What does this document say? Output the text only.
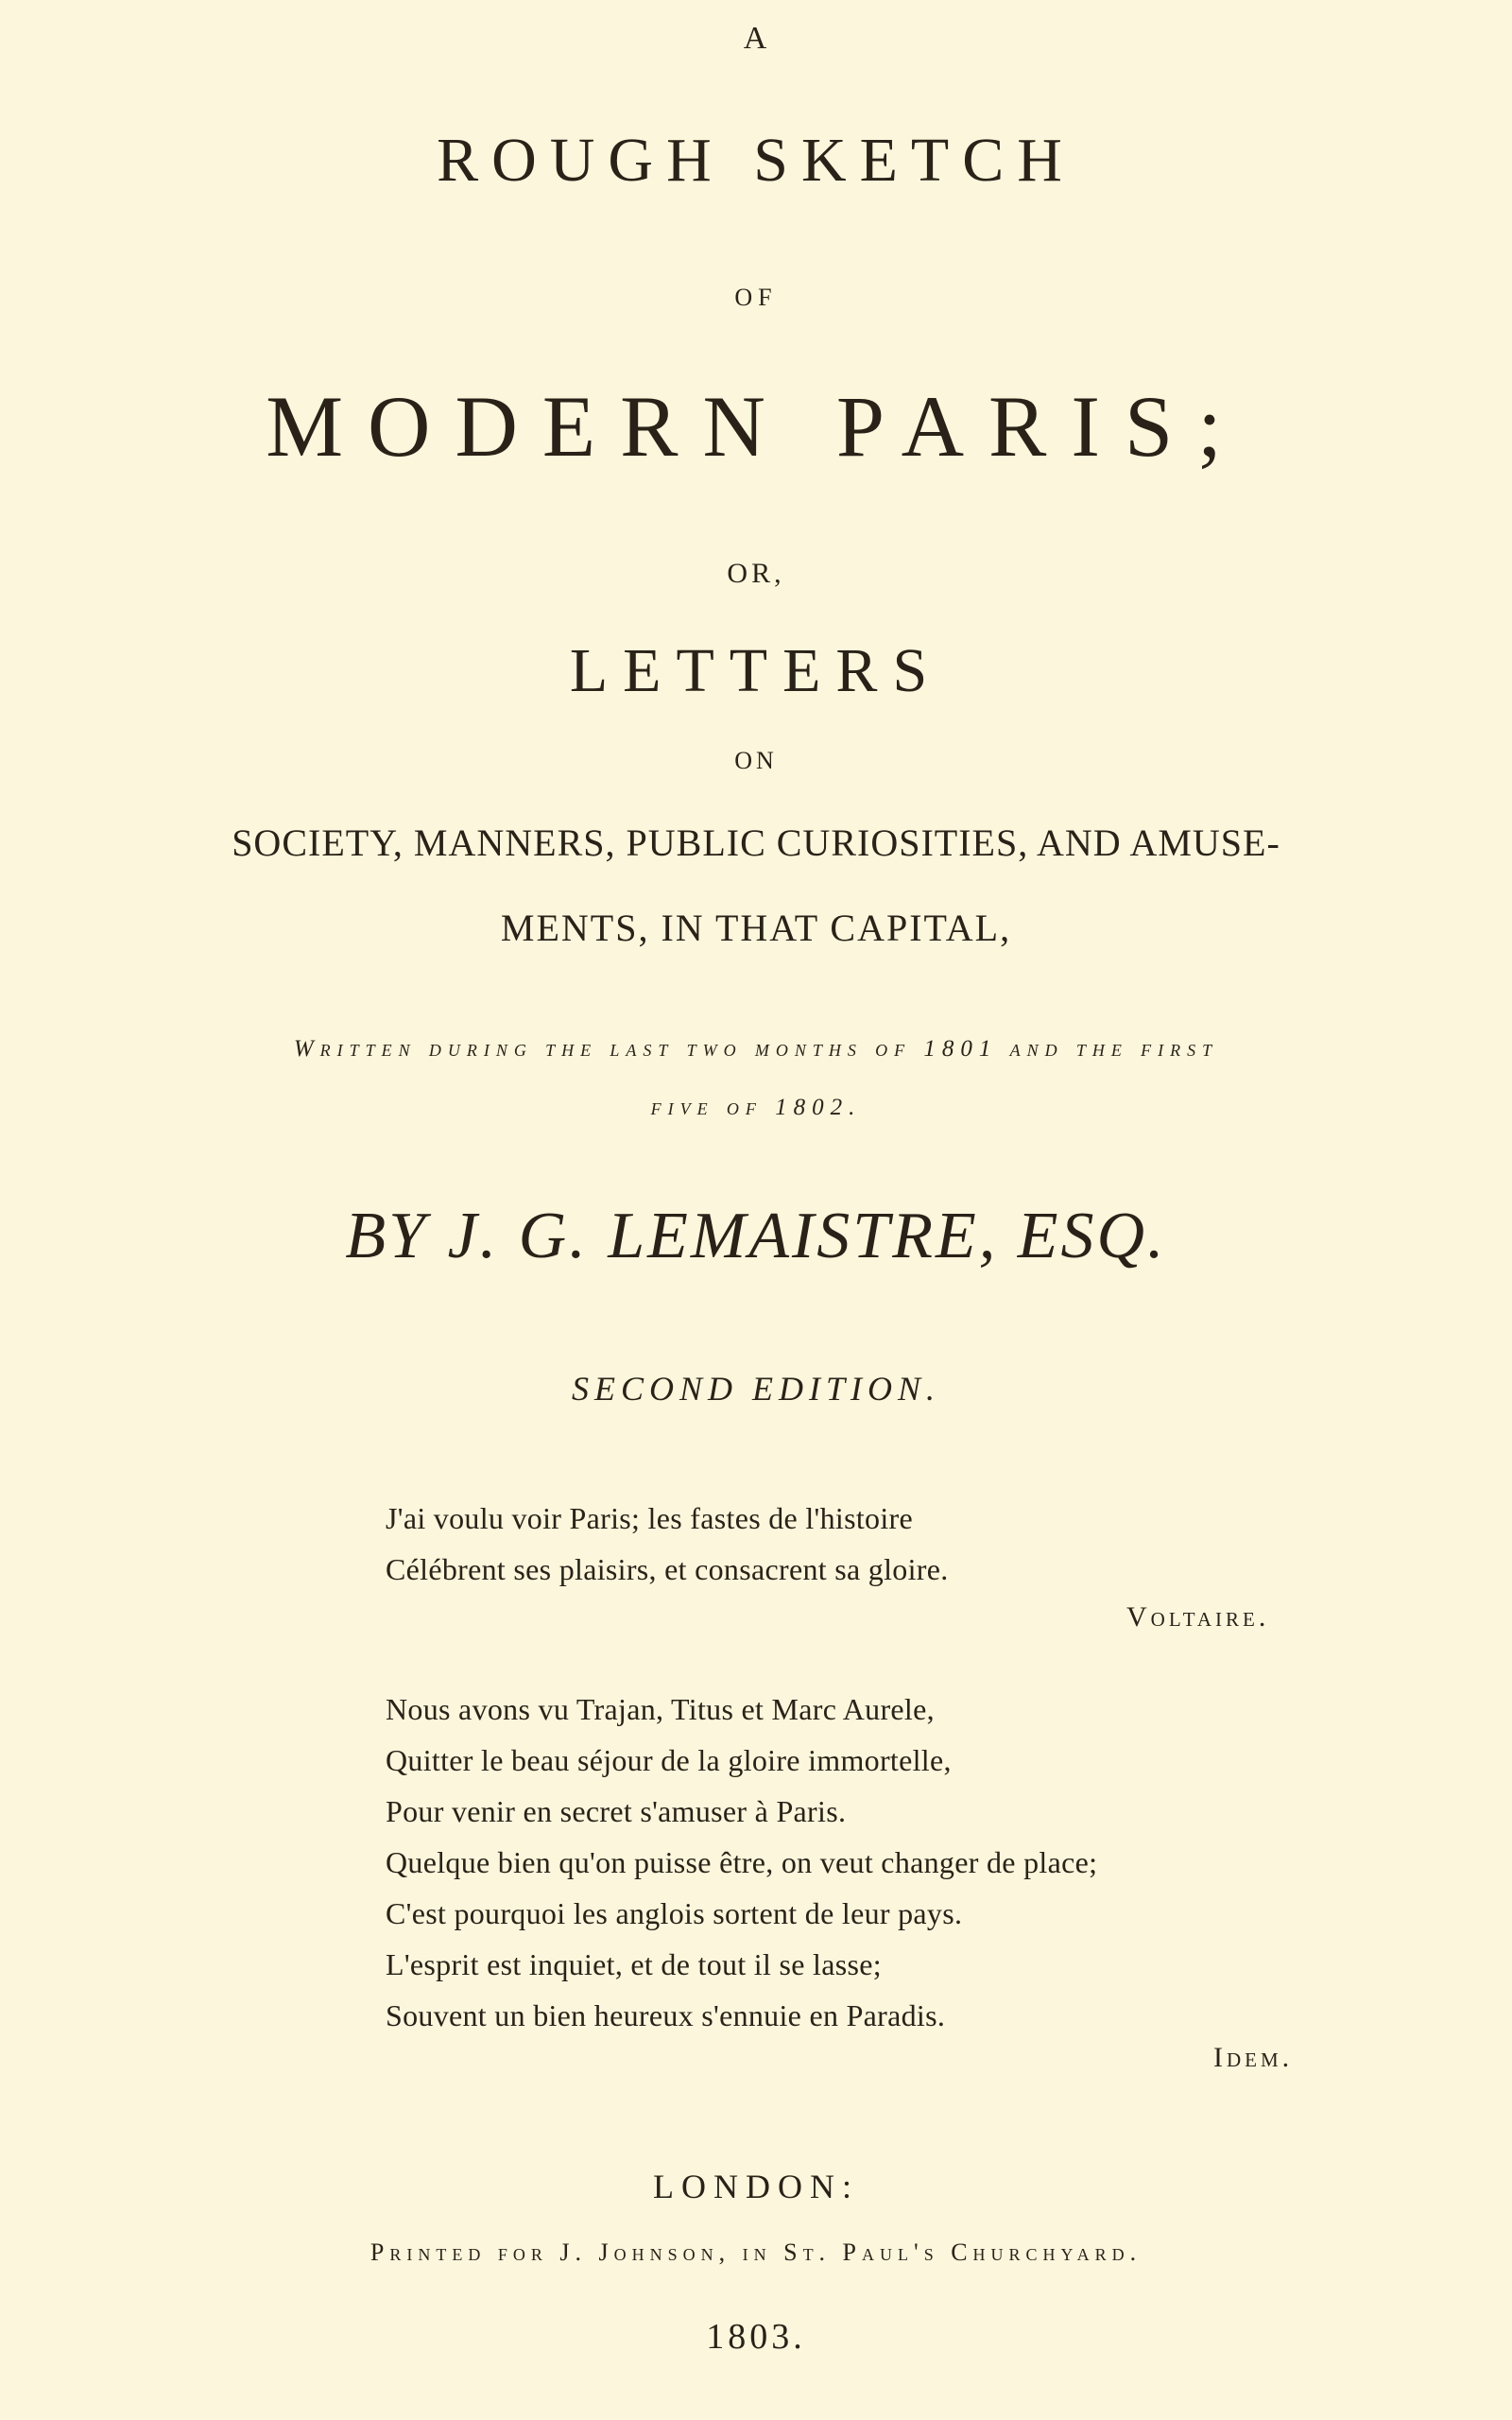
A
ROUGH SKETCH
OF
MODERN PARIS;
OR,
LETTERS
ON
SOCIETY, MANNERS, PUBLIC CURIOSITIES, AND AMUSE-
MENTS, IN THAT CAPITAL,
Written during the last two months of 1801 and the first
five of 1802.
BY J. G. LEMAISTRE, ESQ.
SECOND EDITION.
J'ai voulu voir Paris; les fastes de l'histoire
Célébrent ses plaisirs, et consacrent sa gloire.
Voltaire.
Nous avons vu Trajan, Titus et Marc Aurele,
Quitter le beau séjour de la gloire immortelle,
Pour venir en secret s'amuser à Paris.
Quelque bien qu'on puisse être, on veut changer de place;
C'est pourquoi les anglois sortent de leur pays.
L'esprit est inquiet, et de tout il se lasse;
Souvent un bien heureux s'ennuie en Paradis.
Idem.
LONDON:
Printed for J. Johnson, in St. Paul's Churchyard.
1803.
